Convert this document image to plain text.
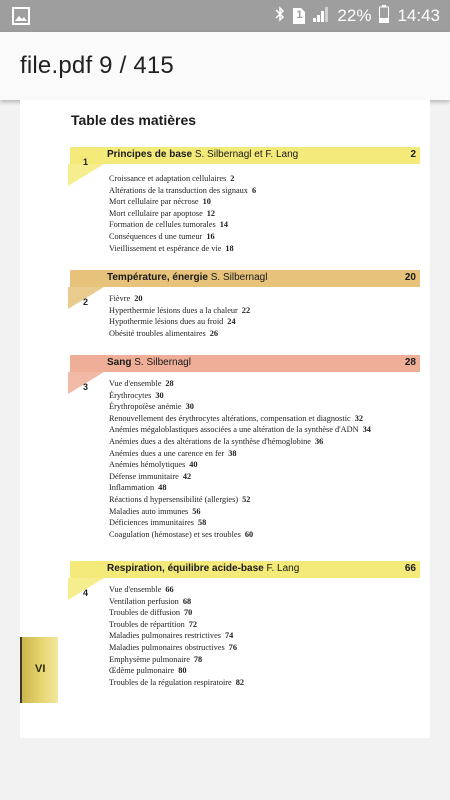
1 22% 14:43
file.pdf 9 / 415
Table des matières
Principes de base S. Silbernagl et F. Lang	2
1
Croissance et adaptation cellulaires 2
Altérations de la transduction des signaux 6
Mort cellulaire par nécrose 10
Mort cellulaire par apoptose 12
Formation de cellules tumorales 14
Conséquences d une tumeur 16
Vieillissement et espérance de vie 18
Température, énergie S. Silbernagl	20
2	Fièvre 20
Hyperthermie lésions dues a la chaleur 22
Hypothermie lésions dues au froid 24
Obésité troubles alimentaires 26
Sang S. Silbernagl	28
3	Vue d'ensemble 28
Érythrocytes 30
Érythropoïèse anémie 30
Renouvellement des érythrocytes altérations, compensation et diagnostic 32
Anémies mégaloblastiques associées a une altération de la synthèse d'ADN 34
Anémies dues a des altérations de la synthèse d'hémoglobine 36
Anémies dues a une carence en fer 38
Anémies hémolytiques 40
Défense immunitaire 42
Inflammation 48
Réactions d hypersensibilité (allergies) 52
Maladies auto immunes 56
Déficiences immunitaires 58
Coagulation (hémostase) et ses troubles 60
Respiration, équilibre acide-base F. Lang	66
4	Vue d'ensemble 66
Ventilation perfusion 68
Troubles de diffusion 70
Troubles de répartition 72
Maladies pulmonaires restrictives 74
Maladies pulmonaires obstructives 76
Emphysème pulmonaire 78
Œdème pulmonaire 80
Troubles de la régulation respiratoire 82
VI
